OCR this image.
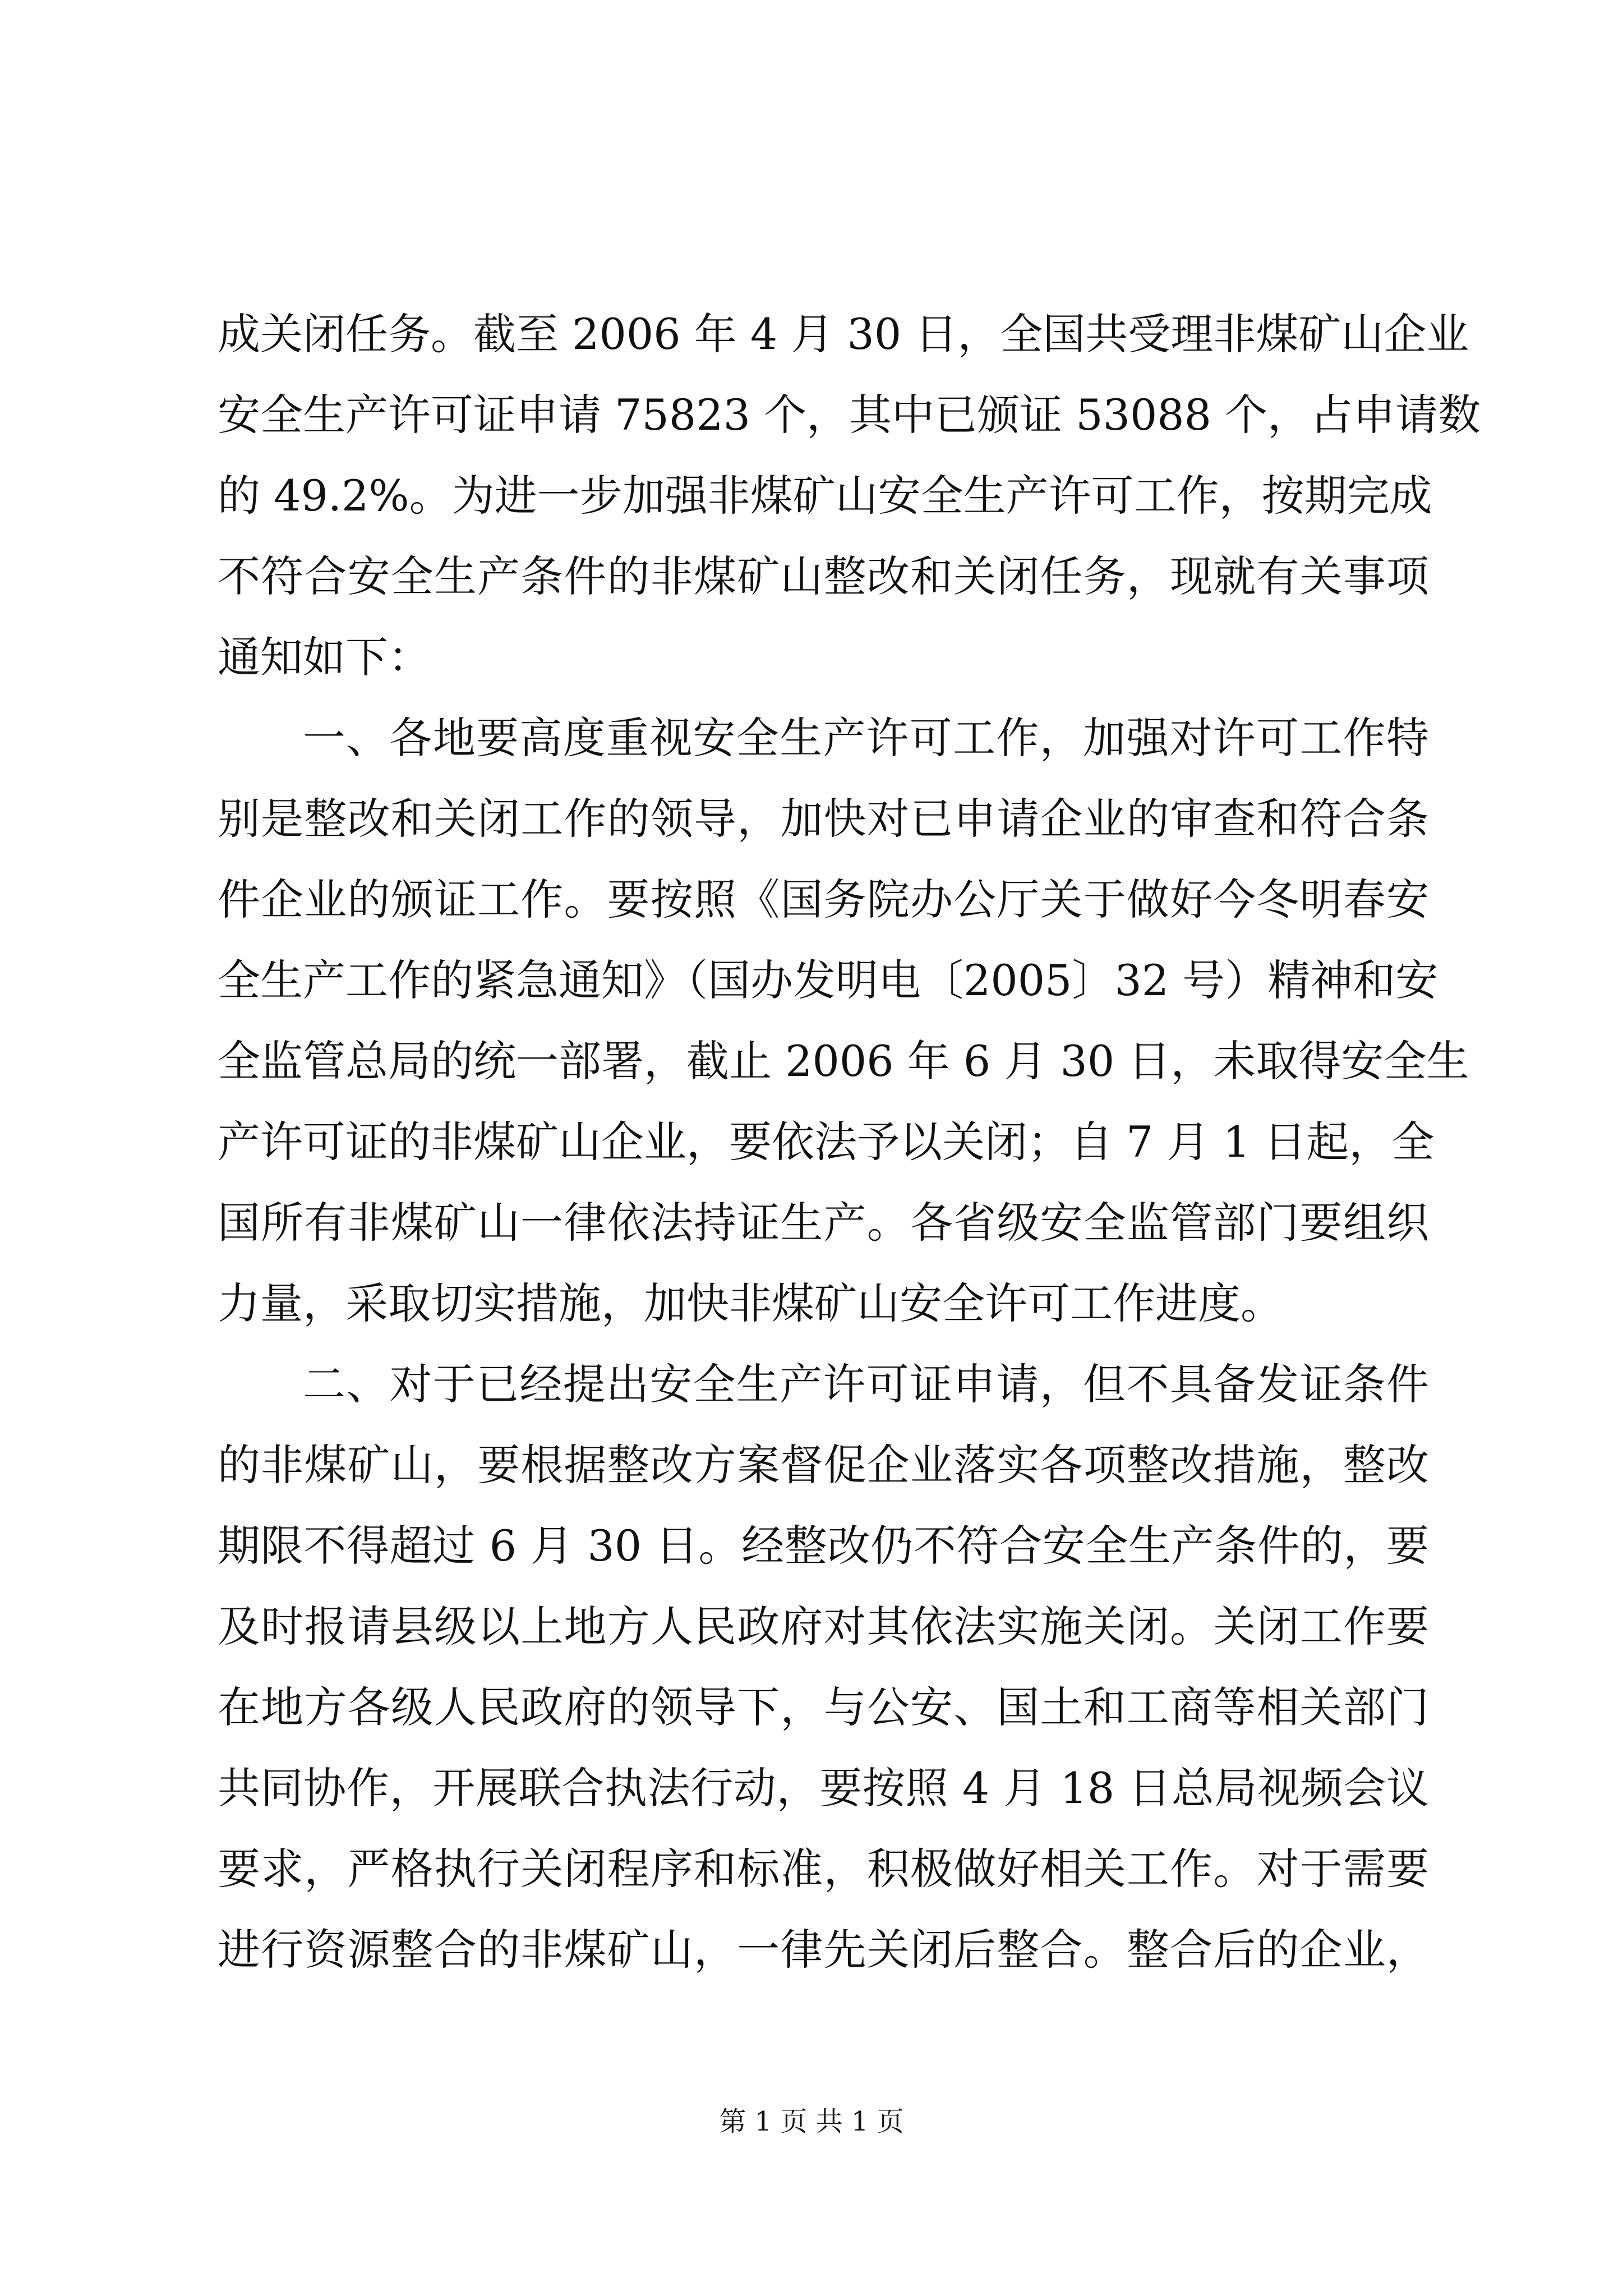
成关闭任务。截至 2006 年 4 月 30 日，全国共受理非煤矿山企业
安全生产许可证申请 75823 个，其中已颁证 53088 个，占申请数
的 49.2%。为进一步加强非煤矿山安全生产许可工作，按期完成
不符合安全生产条件的非煤矿山整改和关闭任务，现就有关事项
通知如下：
一、各地要高度重视安全生产许可工作，加强对许可工作特
别是整改和关闭工作的领导，加快对已申请企业的审查和符合条
件企业的颁证工作。要按照《国务院办公厅关于做好今冬明春安
全生产工作的紧急通知》（国办发明电〔2005〕32 号）精神和安
全监管总局的统一部署，截止 2006 年 6 月 30 日，未取得安全生
产许可证的非煤矿山企业，要依法予以关闭；自 7 月 1 日起，全
国所有非煤矿山一律依法持证生产。各省级安全监管部门要组织
力量，采取切实措施，加快非煤矿山安全许可工作进度。
二、对于已经提出安全生产许可证申请，但不具备发证条件
的非煤矿山，要根据整改方案督促企业落实各项整改措施，整改
期限不得超过 6 月 30 日。经整改仍不符合安全生产条件的，要
及时报请县级以上地方人民政府对其依法实施关闭。关闭工作要
在地方各级人民政府的领导下，与公安、国土和工商等相关部门
共同协作，开展联合执法行动，要按照 4 月 18 日总局视频会议
要求，严格执行关闭程序和标准，积极做好相关工作。对于需要
进行资源整合的非煤矿山，一律先关闭后整合。整合后的企业，
第 1 页 共 1 页
